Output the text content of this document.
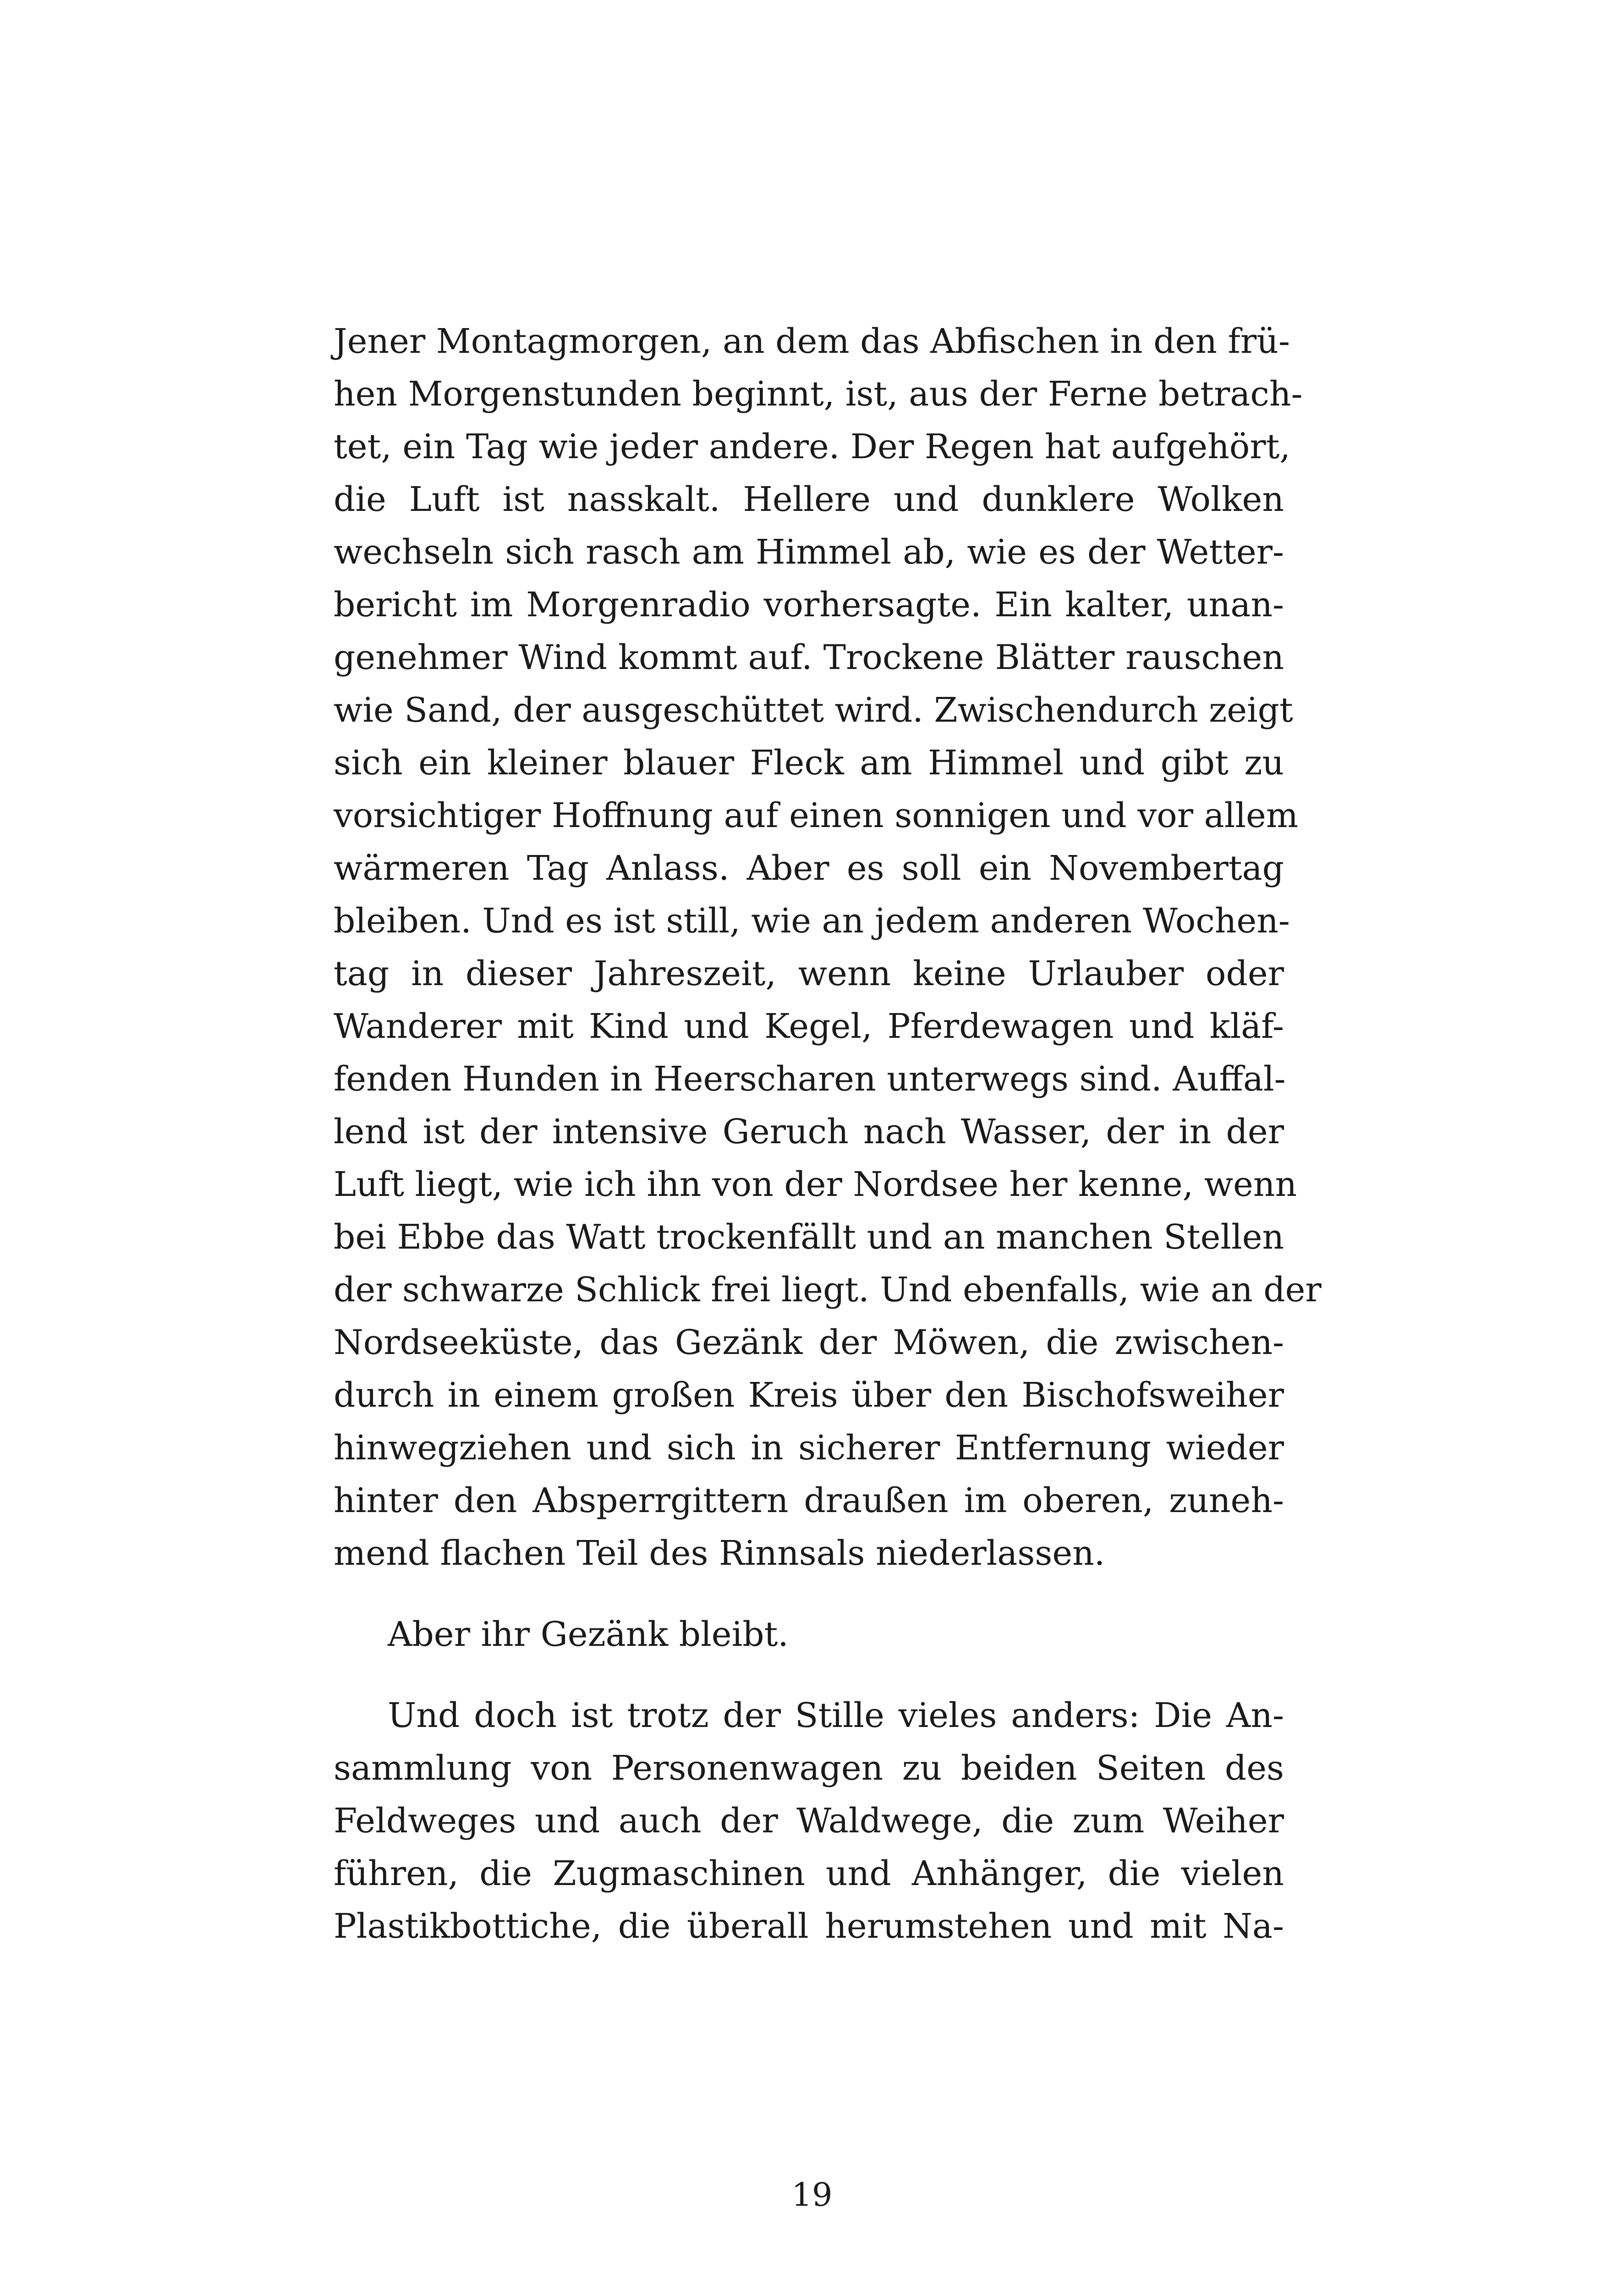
Jener Montagmorgen, an dem das Abfischen in den frü-
hen Morgenstunden beginnt, ist, aus der Ferne betrach-
tet, ein Tag wie jeder andere. Der Regen hat aufgehört,
die Luft ist nasskalt. Hellere und dunklere Wolken
wechseln sich rasch am Himmel ab, wie es der Wetter-
bericht im Morgenradio vorhersagte. Ein kalter, unan-
genehmer Wind kommt auf. Trockene Blätter rauschen
wie Sand, der ausgeschüttet wird. Zwischendurch zeigt
sich ein kleiner blauer Fleck am Himmel und gibt zu
vorsichtiger Hoffnung auf einen sonnigen und vor allem
wärmeren Tag Anlass. Aber es soll ein Novembertag
bleiben. Und es ist still, wie an jedem anderen Wochen-
tag in dieser Jahreszeit, wenn keine Urlauber oder
Wanderer mit Kind und Kegel, Pferdewagen und kläf-
fenden Hunden in Heerscharen unterwegs sind. Auffal-
lend ist der intensive Geruch nach Wasser, der in der
Luft liegt, wie ich ihn von der Nordsee her kenne, wenn
bei Ebbe das Watt trockenfällt und an manchen Stellen
der schwarze Schlick frei liegt. Und ebenfalls, wie an der
Nordseeküste, das Gezänk der Möwen, die zwischen-
durch in einem großen Kreis über den Bischofsweiher
hinwegziehen und sich in sicherer Entfernung wieder
hinter den Absperrgittern draußen im oberen, zuneh-
mend flachen Teil des Rinnsals niederlassen.
Aber ihr Gezänk bleibt.
Und doch ist trotz der Stille vieles anders: Die An-
sammlung von Personenwagen zu beiden Seiten des
Feldweges und auch der Waldwege, die zum Weiher
führen, die Zugmaschinen und Anhänger, die vielen
Plastikbottiche, die überall herumstehen und mit Na-
19
